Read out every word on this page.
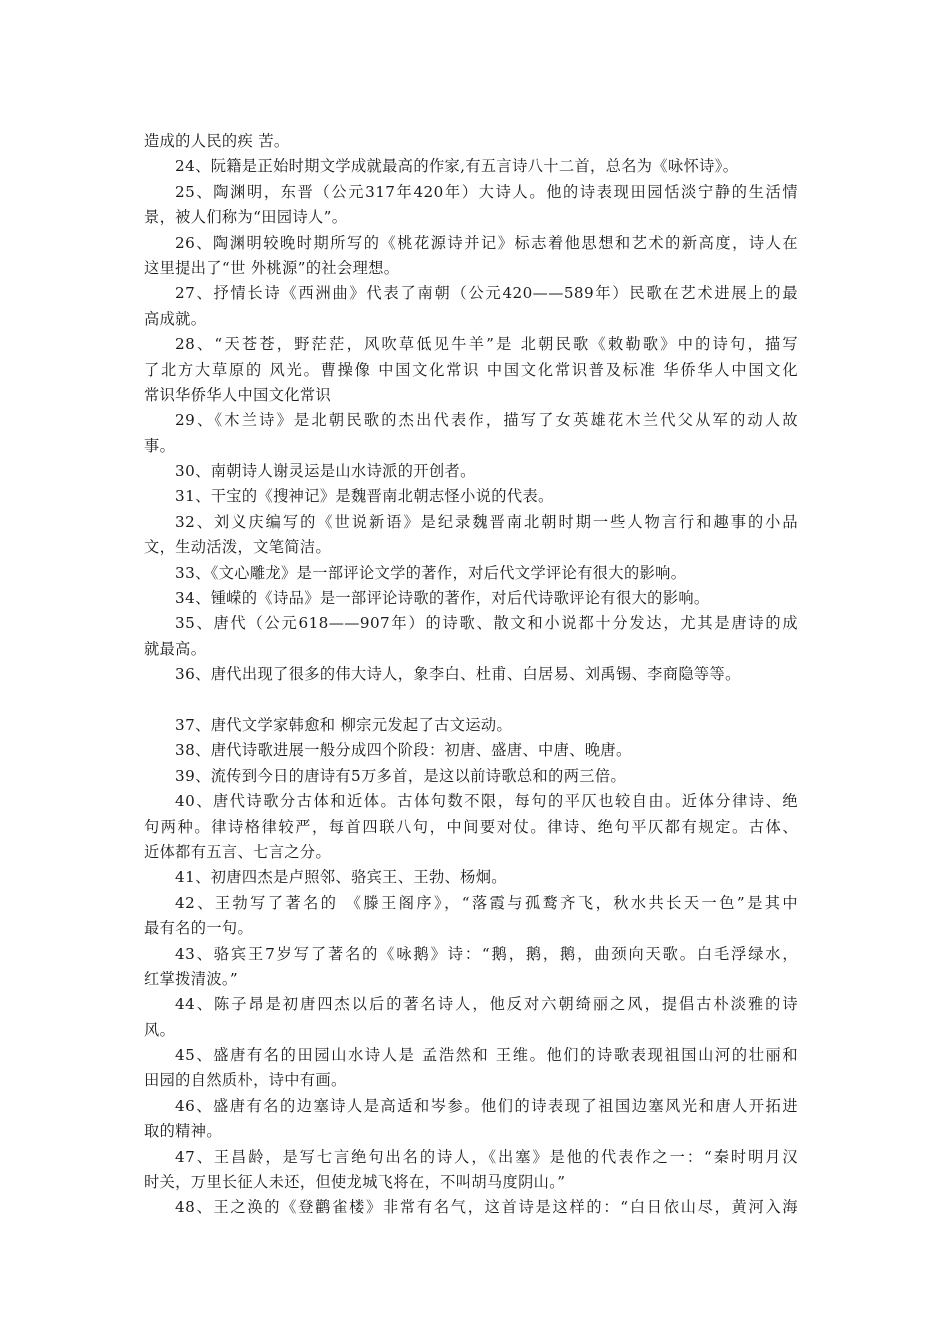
造成的人民的疾 苦。
24、阮籍是正始时期文学成就最高的作家,有五言诗八十二首，总名为《咏怀诗》。
25、陶渊明，东晋（公元317年420年）大诗人。他的诗表现田园恬淡宁静的生活情
景，被人们称为“田园诗人”。
26、陶渊明较晚时期所写的《桃花源诗并记》标志着他思想和艺术的新高度，诗人在
这里提出了“世 外桃源”的社会理想。
27、抒情长诗《西洲曲》代表了南朝（公元420——589年）民歌在艺术进展上的最
高成就。
28、“天苍苍，野茫茫，风吹草低见牛羊”是 北朝民歌《敕勒歌》中的诗句，描写
了北方大草原的 风光。曹操像 中国文化常识 中国文化常识普及标准 华侨华人中国文化
常识华侨华人中国文化常识
29、《木兰诗》是北朝民歌的杰出代表作，描写了女英雄花木兰代父从军的动人故
事。
30、南朝诗人谢灵运是山水诗派的开创者。
31、干宝的《搜神记》是魏晋南北朝志怪小说的代表。
32、刘义庆编写的《世说新语》是纪录魏晋南北朝时期一些人物言行和趣事的小品
文，生动活泼，文笔简洁。
33、《文心雕龙》是一部评论文学的著作，对后代文学评论有很大的影响。
34、锺嵘的《诗品》是一部评论诗歌的著作，对后代诗歌评论有很大的影响。
35、唐代（公元618——907年）的诗歌、散文和小说都十分发达，尤其是唐诗的成
就最高。
36、唐代出现了很多的伟大诗人，象李白、杜甫、白居易、刘禹锡、李商隐等等。
37、唐代文学家韩愈和 柳宗元发起了古文运动。
38、唐代诗歌进展一般分成四个阶段：初唐、盛唐、中唐、晚唐。
39、流传到今日的唐诗有5万多首，是这以前诗歌总和的两三倍。
40、唐代诗歌分古体和近体。古体句数不限，每句的平仄也较自由。近体分律诗、绝
句两种。律诗格律较严，每首四联八句，中间要对仗。律诗、绝句平仄都有规定。古体、
近体都有五言、七言之分。
41、初唐四杰是卢照邻、骆宾王、王勃、杨炯。
42、王勃写了著名的 《滕王阁序》，“落霞与孤鹜齐飞，秋水共长天一色”是其中
最有名的一句。
43、骆宾王7岁写了著名的《咏鹅》诗：“鹅，鹅，鹅，曲颈向天歌。白毛浮绿水，
红掌拨清波。”
44、陈子昂是初唐四杰以后的著名诗人，他反对六朝绮丽之风，提倡古朴淡雅的诗
风。
45、盛唐有名的田园山水诗人是 孟浩然和 王维。他们的诗歌表现祖国山河的壮丽和
田园的自然质朴，诗中有画。
46、盛唐有名的边塞诗人是高适和岑参。他们的诗表现了祖国边塞风光和唐人开拓进
取的精神。
47、王昌龄，是写七言绝句出名的诗人，《出塞》是他的代表作之一：“秦时明月汉
时关，万里长征人未还，但使龙城飞将在，不叫胡马度阴山。”
48、王之涣的《登鹳雀楼》非常有名气，这首诗是这样的：“白日依山尽，黄河入海
